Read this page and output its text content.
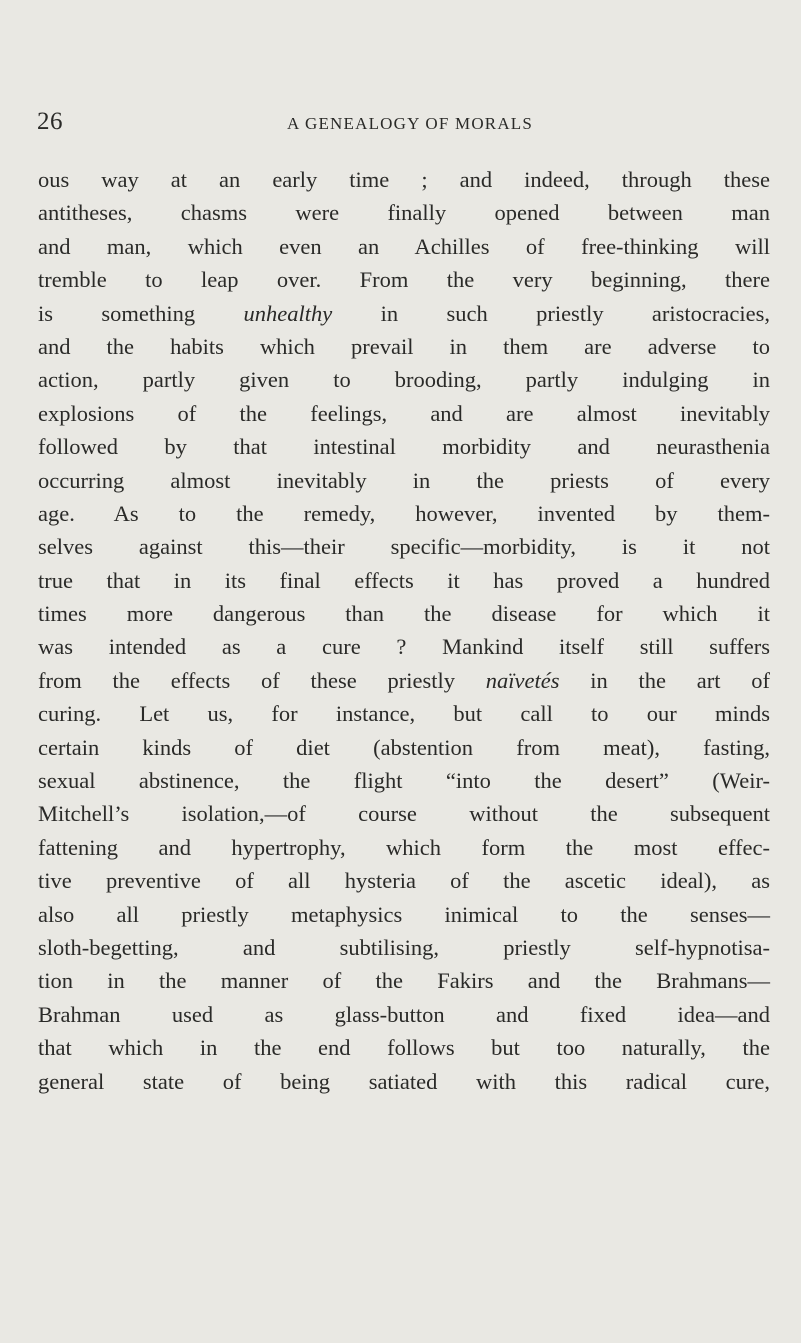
26	A GENEALOGY OF MORALS
ous way at an early time ; and indeed, through these
antitheses, chasms were finally opened between man
and man, which even an Achilles of free-thinking will
tremble to leap over. From the very beginning, there
is something unhealthy in such priestly aristocracies,
and the habits which prevail in them are adverse to
action, partly given to brooding, partly indulging in
explosions of the feelings, and are almost inevitably
followed by that intestinal morbidity and neurasthenia
occurring almost inevitably in the priests of every
age. As to the remedy, however, invented by them-
selves against this—their specific—morbidity, is it not
true that in its final effects it has proved a hundred
times more dangerous than the disease for which it
was intended as a cure ? Mankind itself still suffers
from the effects of these priestly naïvetés in the art of
curing. Let us, for instance, but call to our minds
certain kinds of diet (abstention from meat), fasting,
sexual abstinence, the flight “into the desert” (Weir-
Mitchell’s isolation,—of course without the subsequent
fattening and hypertrophy, which form the most effec-
tive preventive of all hysteria of the ascetic ideal), as
also all priestly metaphysics inimical to the senses—
sloth-begetting, and subtilising, priestly self-hypnotisa-
tion in the manner of the Fakirs and the Brahmans—
Brahman used as glass-button and fixed idea—and
that which in the end follows but too naturally, the
general state of being satiated with this radical cure,
